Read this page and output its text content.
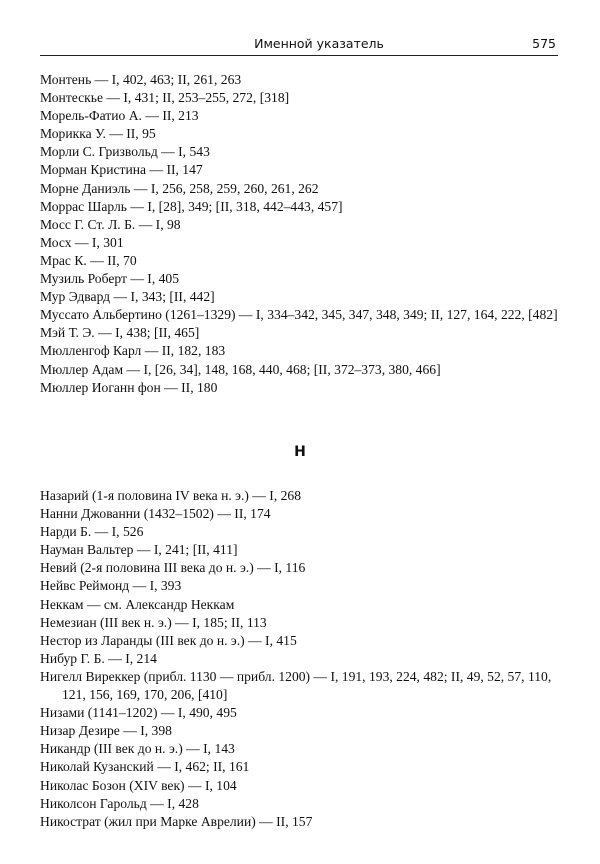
Именной указатель	575
Монтень — I, 402, 463; II, 261, 263
Монтескье — I, 431; II, 253–255, 272, [318]
Морель-Фатио А. — II, 213
Морикка У. — II, 95
Морли С. Гризвольд — I, 543
Морман Кристина — II, 147
Морне Даниэль — I, 256, 258, 259, 260, 261, 262
Моррас Шарль — I, [28], 349; [II, 318, 442–443, 457]
Мосс Г. Ст. Л. Б. — I, 98
Мосх — I, 301
Мрас К. — II, 70
Музиль Роберт — I, 405
Мур Эдвард — I, 343; [II, 442]
Муссато Альбертино (1261–1329) — I, 334–342, 345, 347, 348, 349; II, 127, 164, 222, [482]
Мэй Т. Э. — I, 438; [II, 465]
Мюлленгоф Карл — II, 182, 183
Мюллер Адам — I, [26, 34], 148, 168, 440, 468; [II, 372–373, 380, 466]
Мюллер Иоганн фон — II, 180
Н
Назарий (1-я половина IV века н. э.) — I, 268
Нанни Джованни (1432–1502) — II, 174
Нарди Б. — I, 526
Науман Вальтер — I, 241; [II, 411]
Невий (2-я половина III века до н. э.) — I, 116
Нейвс Реймонд — I, 393
Неккам — см. Александр Неккам
Немезиан (III век н. э.) — I, 185; II, 113
Нестор из Ларанды (III век до н. э.) — I, 415
Нибур Г. Б. — I, 214
Нигелл Виреккер (прибл. 1130 — прибл. 1200) — I, 191, 193, 224, 482; II, 49, 52, 57, 110, 121, 156, 169, 170, 206, [410]
Низами (1141–1202) — I, 490, 495
Низар Дезире — I, 398
Никандр (III век до н. э.) — I, 143
Николай Кузанский — I, 462; II, 161
Николас Бозон (XIV век) — I, 104
Николсон Гарольд — I, 428
Никострат (жил при Марке Аврелии) — II, 157
